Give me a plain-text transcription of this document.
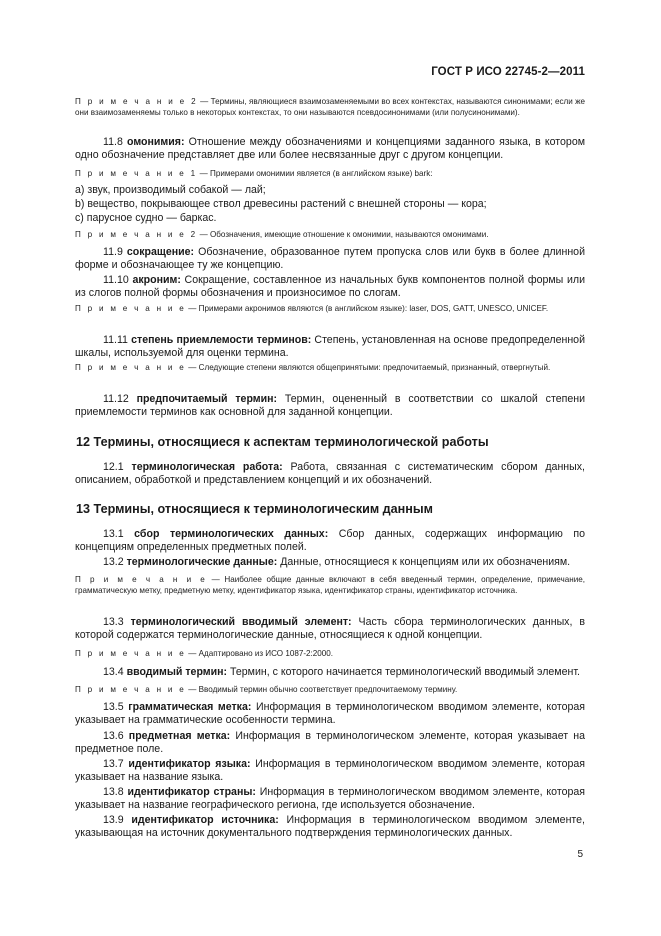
ГОСТ Р ИСО 22745-2—2011

П р и м е ч а н и е 2 — Термины, являющиеся взаимозаменяемыми во всех контекстах, называются синонимами; если же они взаимозаменяемы только в некоторых контекстах, то они называются псевдосинонимами (или полусинонимами).

11.8 омонимия: Отношение между обозначениями и концепциями заданного языка, в котором одно обозначение представляет две или более несвязанные друг с другом концепции.

П р и м е ч а н и е 1 — Примерами омонимии является (в английском языке) bark:

a) звук, производимый собакой — лай;

b) вещество, покрывающее ствол древесины растений с внешней стороны — кора;

c) парусное судно — баркас.

П р и м е ч а н и е 2 — Обозначения, имеющие отношение к омонимии, называются омонимами.

11.9 сокращение: Обозначение, образованное путем пропуска слов или букв в более длинной форме и обозначающее ту же концепцию.

11.10 акроним: Сокращение, составленное из начальных букв компонентов полной формы или из слогов полной формы обозначения и произносимое по слогам.

П р и м е ч а н и е — Примерами акронимов являются (в английском языке): laser, DOS, GATT, UNESCO, UNICEF.

11.11 степень приемлемости терминов: Степень, установленная на основе предопределенной шкалы, используемой для оценки термина.

П р и м е ч а н и е — Следующие степени являются общепринятыми: предпочитаемый, признанный, отвергнутый.

11.12 предпочитаемый термин: Термин, оцененный в соответствии со шкалой степени приемлемости терминов как основной для заданной концепции.

12 Термины, относящиеся к аспектам терминологической работы

12.1 терминологическая работа: Работа, связанная с систематическим сбором данных, описанием, обработкой и представлением концепций и их обозначений.

13 Термины, относящиеся к терминологическим данным

13.1 сбор терминологических данных: Сбор данных, содержащих информацию по концепциям определенных предметных полей.

13.2 терминологические данные: Данные, относящиеся к концепциям или их обозначениям.

П р и м е ч а н и е — Наиболее общие данные включают в себя введенный термин, определение, примечание, грамматическую метку, предметную метку, идентификатор языка, идентификатор страны, идентификатор источника.

13.3 терминологический вводимый элемент: Часть сбора терминологических данных, в которой содержатся терминологические данные, относящиеся к одной концепции.

П р и м е ч а н и е — Адаптировано из ИСО 1087-2:2000.

13.4 вводимый термин: Термин, с которого начинается терминологический вводимый элемент.

П р и м е ч а н и е — Вводимый термин обычно соответствует предпочитаемому термину.

13.5 грамматическая метка: Информация в терминологическом вводимом элементе, которая указывает на грамматические особенности термина.

13.6 предметная метка: Информация в терминологическом элементе, которая указывает на предметное поле.

13.7 идентификатор языка: Информация в терминологическом вводимом элементе, которая указывает на название языка.

13.8 идентификатор страны: Информация в терминологическом вводимом элементе, которая указывает на название географического региона, где используется обозначение.

13.9 идентификатор источника: Информация в терминологическом вводимом элементе, указывающая на источник документального подтверждения терминологических данных.

5
